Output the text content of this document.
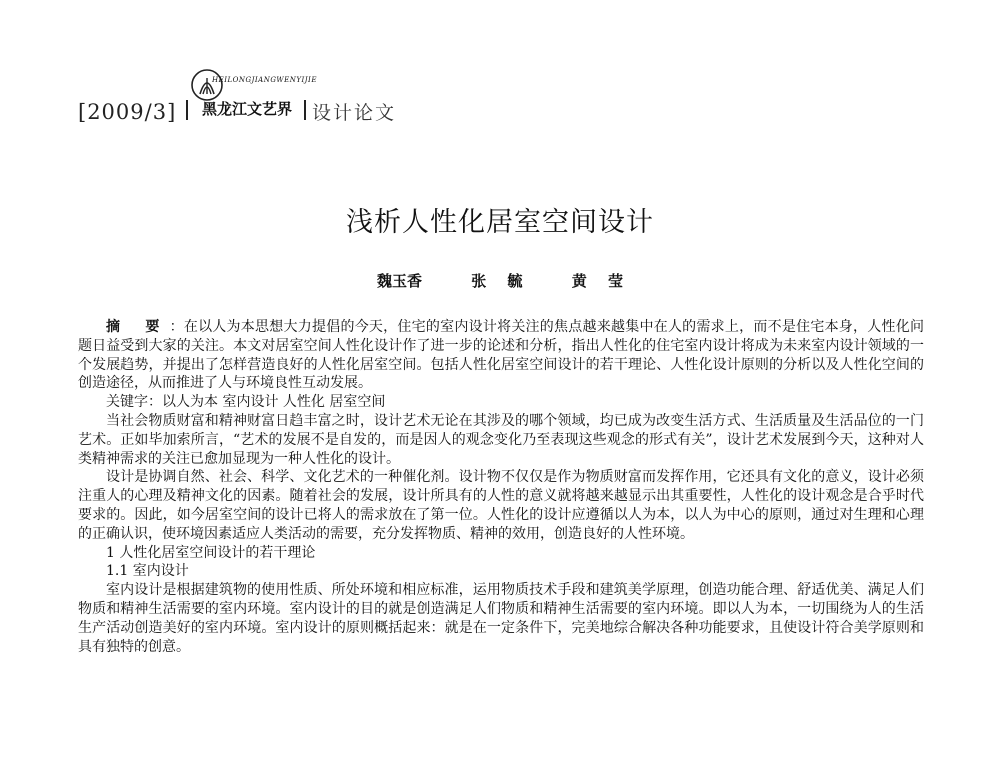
[2009/3]
HEILONGJIANGWENYIJIE
黑龙江文艺界 设计论文
浅析人性化居室空间设计
魏玉香	张 毓	黄 莹

摘 要：在以人为本思想大力提倡的今天，住宅的室内设计将关注的焦点越来越集中在人的需求上，而不是住宅本身，人性化问题日益受到大家的关注。本文对居室空间人性化设计作了进一步的论述和分析，指出人性化的住宅室内设计将成为未来室内设计领域的一个发展趋势，并提出了怎样营造良好的人性化居室空间。包括人性化居室空间设计的若干理论、人性化设计原则的分析以及人性化空间的创造途径，从而推进了人与环境良性互动发展。

关键字：以人为本 室内设计 人性化 居室空间

当社会物质财富和精神财富日趋丰富之时，设计艺术无论在其涉及的哪个领域，均已成为改变生活方式、生活质量及生活品位的一门艺术。正如毕加索所言，“艺术的发展不是自发的，而是因人的观念变化乃至表现这些观念的形式有关”，设计艺术发展到今天，这种对人类精神需求的关注已愈加显现为一种人性化的设计。

设计是协调自然、社会、科学、文化艺术的一种催化剂。设计物不仅仅是作为物质财富而发挥作用，它还具有文化的意义，设计必须注重人的心理及精神文化的因素。随着社会的发展，设计所具有的人性的意义就将越来越显示出其重要性，人性化的设计观念是合乎时代要求的。因此，如今居室空间的设计已将人的需求放在了第一位。人性化的设计应遵循以人为本，以人为中心的原则，通过对生理和心理的正确认识，使环境因素适应人类活动的需要，充分发挥物质、精神的效用，创造良好的人性环境。

1 人性化居室空间设计的若干理论

1.1 室内设计

室内设计是根据建筑物的使用性质、所处环境和相应标准，运用物质技术手段和建筑美学原理，创造功能合理、舒适优美、满足人们物质和精神生活需要的室内环境。室内设计的目的就是创造满足人们物质和精神生活需要的室内环境。即以人为本，一切围绕为人的生活生产活动创造美好的室内环境。室内设计的原则概括起来：就是在一定条件下，完美地综合解决各种功能要求，且使设计符合美学原则和具有独特的创意。
